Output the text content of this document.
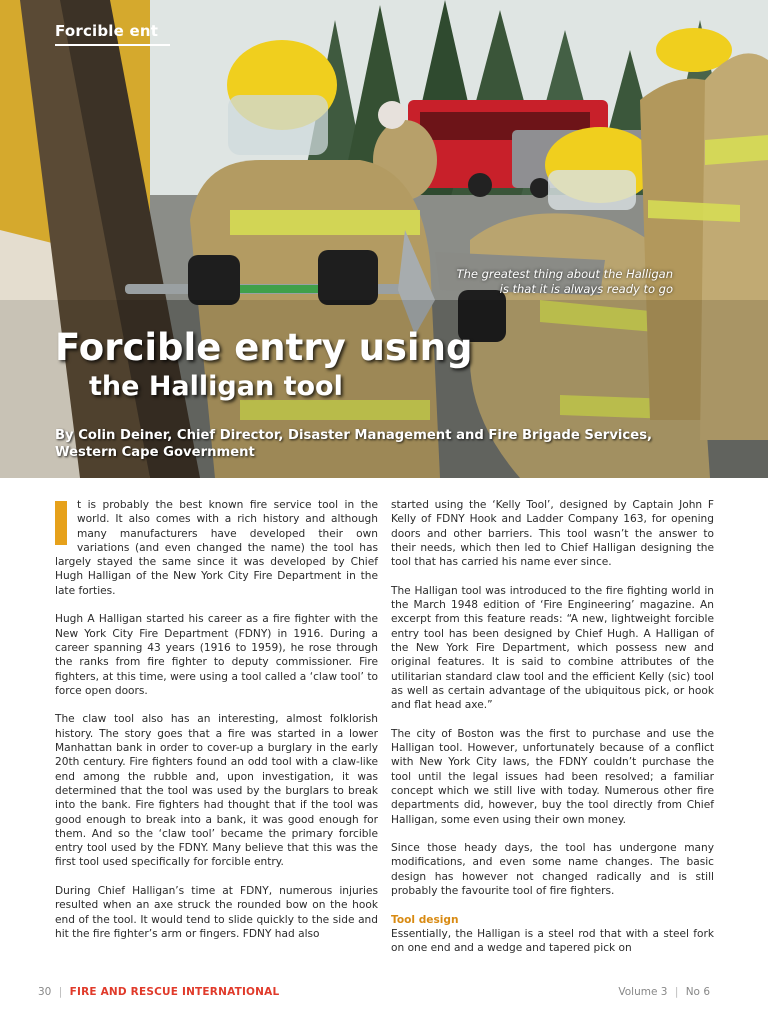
Forcible ent
The greatest thing about the Halligan
is that it is always ready to go
Forcible entry using
the Halligan tool
By Colin Deiner, Chief Director, Disaster Management and Fire Brigade Services,
Western Cape Government

t is probably the best known fire service tool in the world. It also comes with a rich history and although many manufacturers have developed their own variations (and even changed the name) the tool has largely stayed the same since it was developed by Chief Hugh Halligan of the New York City Fire Department in the late forties.

Hugh A Halligan started his career as a fire fighter with the New York City Fire Department (FDNY) in 1916. During a career spanning 43 years (1916 to 1959), he rose through the ranks from fire fighter to deputy commissioner. Fire fighters, at this time, were using a tool called a ‘claw tool’ to force open doors.

The claw tool also has an interesting, almost folklorish history. The story goes that a fire was started in a lower Manhattan bank in order to cover-up a burglary in the early 20th century. Fire fighters found an odd tool with a claw-like end among the rubble and, upon investigation, it was determined that the tool was used by the burglars to break into the bank. Fire fighters had thought that if the tool was good enough to break into a bank, it was good enough for them. And so the ‘claw tool’ became the primary forcible entry tool used by the FDNY. Many believe that this was the first tool used specifically for forcible entry.

During Chief Halligan’s time at FDNY, numerous injuries resulted when an axe struck the rounded bow on the hook end of the tool. It would tend to slide quickly to the side and hit the fire fighter’s arm or fingers. FDNY had also

started using the ‘Kelly Tool’, designed by Captain John F Kelly of FDNY Hook and Ladder Company 163, for opening doors and other barriers. This tool wasn’t the answer to their needs, which then led to Chief Halligan designing the tool that has carried his name ever since.

The Halligan tool was introduced to the fire fighting world in the March 1948 edition of ‘Fire Engineering’ magazine. An excerpt from this feature reads: “A new, lightweight forcible entry tool has been designed by Chief Hugh. A Halligan of the New York Fire Department, which possess new and original features. It is said to combine attributes of the utilitarian standard claw tool and the efficient Kelly (sic) tool as well as certain advantage of the ubiquitous pick, or hook and flat head axe.”

The city of Boston was the first to purchase and use the Halligan tool. However, unfortunately because of a conflict with New York City laws, the FDNY couldn’t purchase the tool until the legal issues had been resolved; a familiar concept which we still live with today. Numerous other fire departments did, however, buy the tool directly from Chief Halligan, some even using their own money.

Since those heady days, the tool has undergone many modifications, and even some name changes. The basic design has however not changed radically and is still probably the favourite tool of fire fighters.

Tool design

Essentially, the Halligan is a steel rod that with a steel fork on one end and a wedge and tapered pick on

30 | FIRE AND RESCUE INTERNATIONAL	Volume 3 | No 6
